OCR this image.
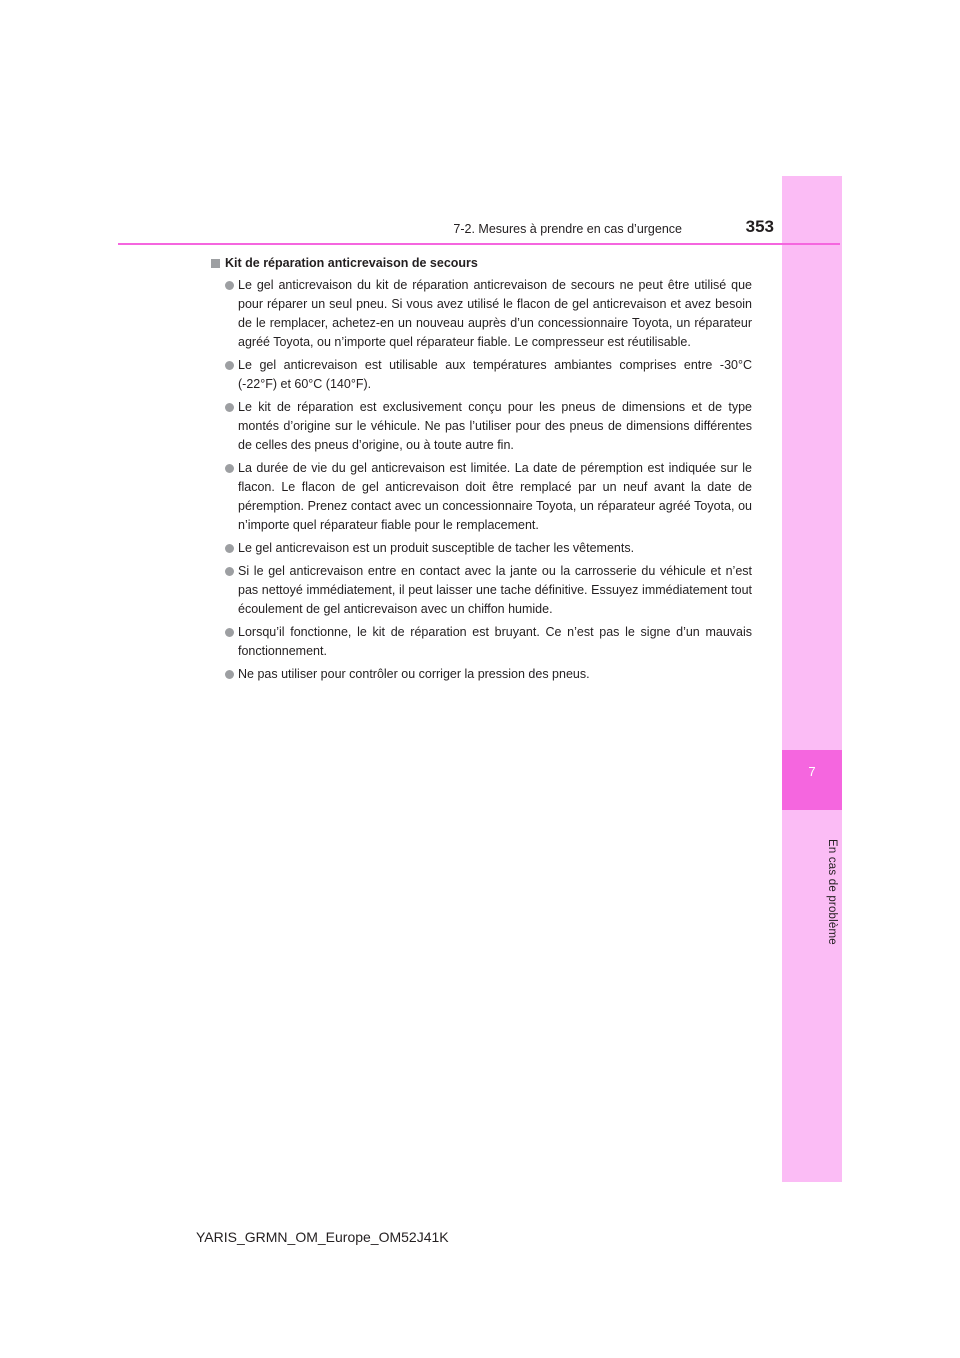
7
En cas de problème
7-2. Mesures à prendre en cas d’urgence	353
Kit de réparation anticrevaison de secours
Le gel anticrevaison du kit de réparation anticrevaison de secours ne peut être utilisé que pour réparer un seul pneu. Si vous avez utilisé le flacon de gel anticrevaison et avez besoin de le remplacer, achetez-en un nouveau auprès d’un concessionnaire Toyota, un réparateur agréé Toyota, ou n’importe quel réparateur fiable. Le compresseur est réutilisable.
Le gel anticrevaison est utilisable aux températures ambiantes comprises entre -30°C (-22°F) et 60°C (140°F).
Le kit de réparation est exclusivement conçu pour les pneus de dimensions et de type montés d’origine sur le véhicule. Ne pas l’utiliser pour des pneus de dimensions différentes de celles des pneus d’origine, ou à toute autre fin.
La durée de vie du gel anticrevaison est limitée. La date de péremption est indiquée sur le flacon. Le flacon de gel anticrevaison doit être remplacé par un neuf avant la date de péremption. Prenez contact avec un concessionnaire Toyota, un réparateur agréé Toyota, ou n’importe quel réparateur fiable pour le remplacement.
Le gel anticrevaison est un produit susceptible de tacher les vêtements.
Si le gel anticrevaison entre en contact avec la jante ou la carrosserie du véhicule et n’est pas nettoyé immédiatement, il peut laisser une tache définitive. Essuyez immédiatement tout écoulement de gel anticrevaison avec un chiffon humide.
Lorsqu’il fonctionne, le kit de réparation est bruyant. Ce n’est pas le signe d’un mauvais fonctionnement.
Ne pas utiliser pour contrôler ou corriger la pression des pneus.
YARIS_GRMN_OM_Europe_OM52J41K
